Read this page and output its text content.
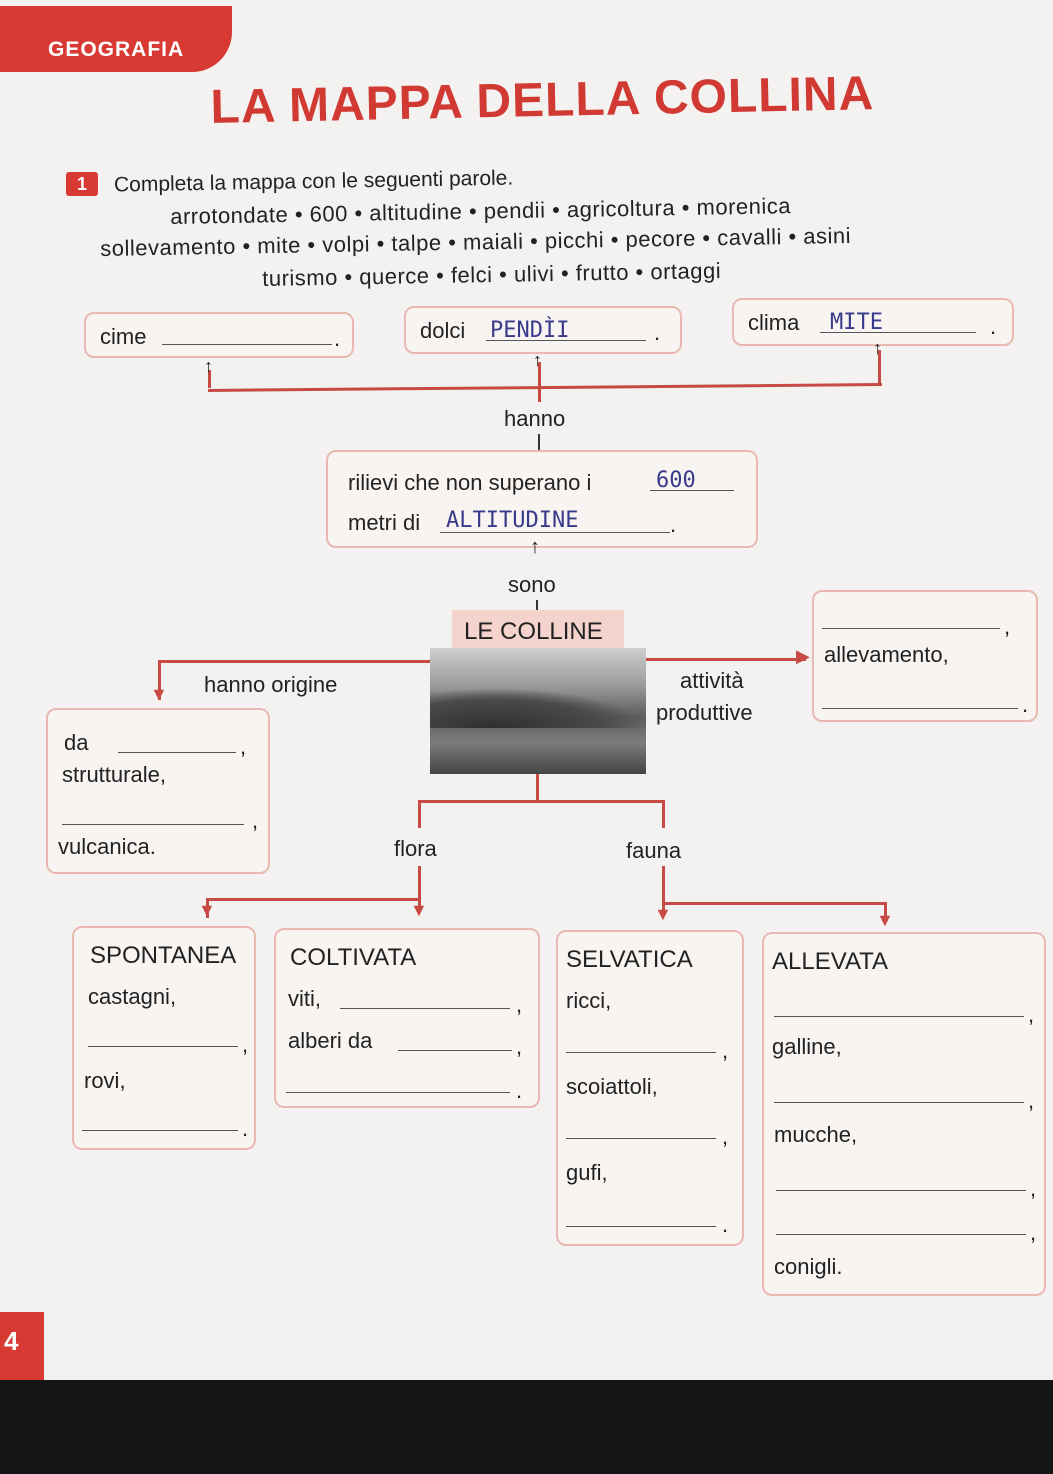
GEOGRAFIA
LA MAPPA DELLA COLLINA
1	Completa la mappa con le seguenti parole.
arrotondate • 600 • altitudine • pendii • agricoltura • morenica
sollevamento • mite • volpi • talpe • maiali • picchi • pecore • cavalli • asini
turismo • querce • felci • ulivi • frutto • ortaggi
cime	.	dolci PENDÌI	.	clima MITE	.
↑	↑
↑
hanno
rilievi che non superano i	600
metri di ALTITUDINE	.
↑
sono
LE COLLINE
▼ hanno origine
da	,
strutturale,
,
vulcanica.
▶
attività
produttive
,
allevamento,
.
flora	fauna
▼	▼	▼	▼
SPONTANEA
castagni,
,
rovi,
.
COLTIVATA
viti,	,
alberi da	,
.
SELVATICA
ricci,
,
scoiattoli,
,
gufi,
.
ALLEVATA
,
galline,
,
mucche,
,
,
conigli.
4
